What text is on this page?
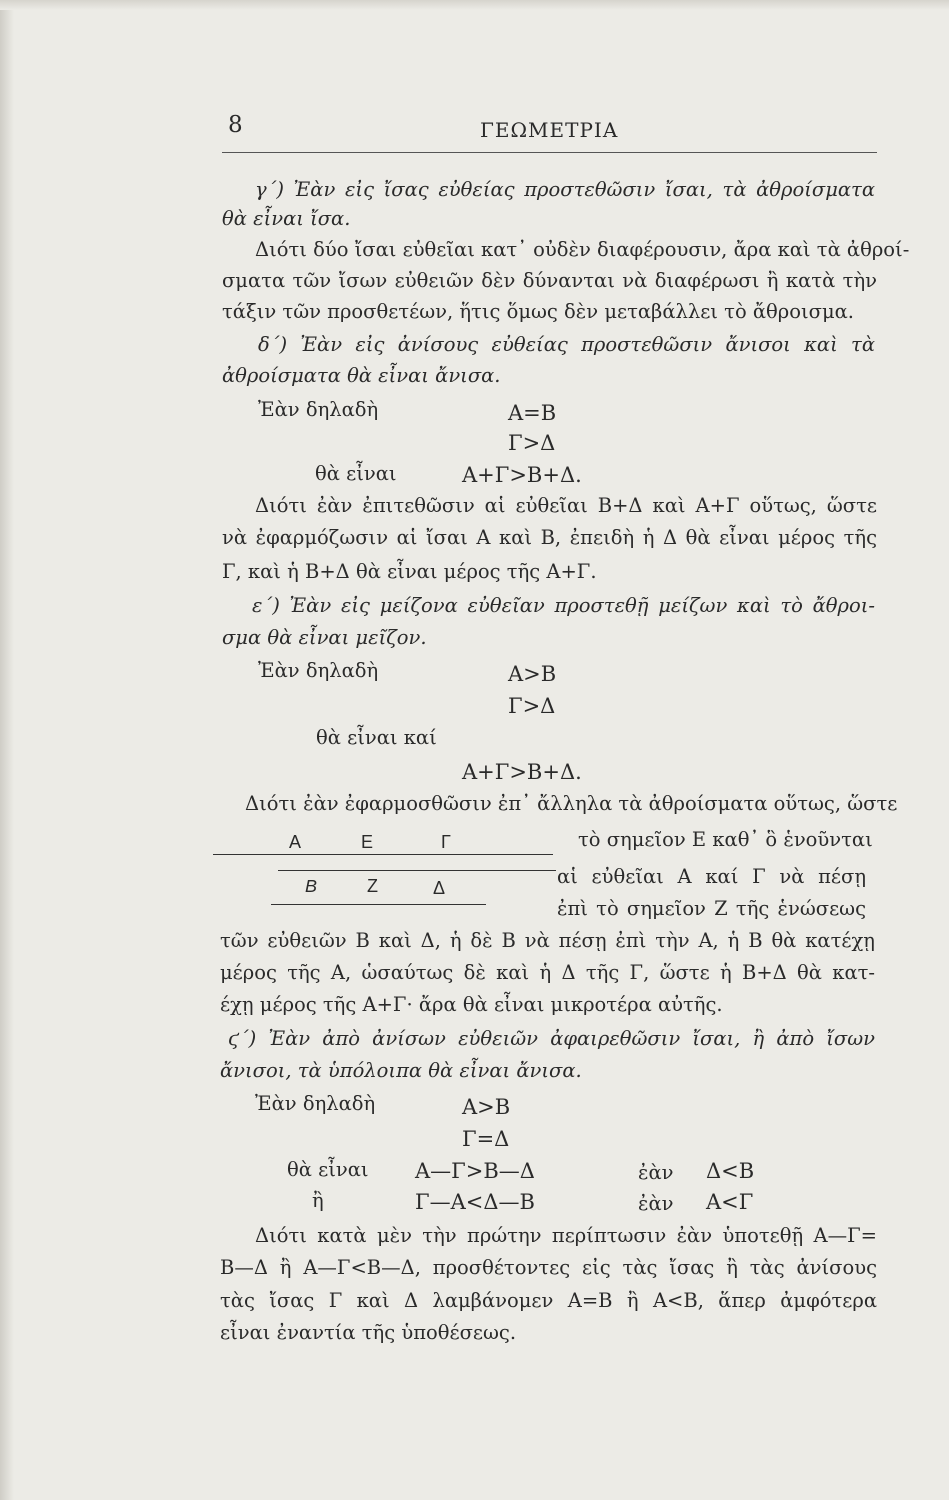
8	ΓΕΩΜΕΤΡΙΑ
γ΄) Ἐὰν εἰς ἴσας εὐθείας προστεθῶσιν ἴσαι, τὰ ἀθροίσματα
θὰ εἶναι ἴσα.
Διότι δύο ἴσαι εὐθεῖαι κατ᾽ οὐδὲν διαφέρουσιν, ἄρα καὶ τὰ ἀθροί-
σματα τῶν ἴσων εὐθειῶν δὲν δύνανται νὰ διαφέρωσι ἢ κατὰ τὴν
τάξιν τῶν προσθετέων, ἥτις ὅμως δὲν μεταβάλλει τὸ ἄθροισμα.
δ΄) Ἐὰν εἰς ἀνίσους εὐθείας προστεθῶσιν ἄνισοι καὶ τὰ
ἀθροίσματα θὰ εἶναι ἄνισα.
Ἐὰν δηλαδὴ	Α=Β
Γ>Δ
θὰ εἶναι	Α+Γ>Β+Δ.
Διότι ἐὰν ἐπιτεθῶσιν αἱ εὐθεῖαι Β+Δ καὶ Α+Γ οὕτως, ὥστε
νὰ ἐφαρμόζωσιν αἱ ἴσαι Α καὶ Β, ἐπειδὴ ἡ Δ θὰ εἶναι μέρος τῆς
Γ, καὶ ἡ Β+Δ θὰ εἶναι μέρος τῆς Α+Γ.
ε΄) Ἐὰν εἰς μείζονα εὐθεῖαν προστεθῇ μείζων καὶ τὸ ἄθροι-
σμα θὰ εἶναι μεῖζον.
Ἐὰν δηλαδὴ	Α>Β
Γ>Δ
θὰ εἶναι καί
Α+Γ>Β+Δ.
Διότι ἐὰν ἐφαρμοσθῶσιν ἐπ᾽ ἄλληλα τὰ ἀθροίσματα οὕτως, ὥστε
Α	Ε	Γ
Β	Ζ	Δ
τὸ σημεῖον Ε καθ᾽ ὃ ἑνοῦνται
αἱ εὐθεῖαι Α καί Γ νὰ πέσῃ
ἐπὶ τὸ σημεῖον Ζ τῆς ἑνώσεως
τῶν εὐθειῶν Β καὶ Δ, ἡ δὲ Β νὰ πέσῃ ἐπὶ τὴν Α, ἡ Β θὰ κατέχῃ
μέρος τῆς Α, ὡσαύτως δὲ καὶ ἡ Δ τῆς Γ, ὥστε ἡ Β+Δ θὰ κατ-
έχῃ μέρος τῆς Α+Γ· ἄρα θὰ εἶναι μικροτέρα αὐτῆς.
ϛ΄) Ἐὰν ἀπὸ ἀνίσων εὐθειῶν ἀφαιρεθῶσιν ἴσαι, ἢ ἀπὸ ἴσων
ἄνισοι, τὰ ὑπόλοιπα θὰ εἶναι ἄνισα.
Ἐὰν δηλαδὴ	Α>Β
Γ=Δ
θὰ εἶναι Α—Γ>Β—Δ	ἐὰν Δ<Β
ἢ	Γ—Α<Δ—Β	ἐὰν Α<Γ
Διότι κατὰ μὲν τὴν πρώτην περίπτωσιν ἐὰν ὑποτεθῇ Α—Γ=
Β—Δ ἢ Α—Γ<Β—Δ, προσθέτοντες εἰς τὰς ἴσας ἢ τὰς ἀνίσους
τὰς ἴσας Γ καὶ Δ λαμβάνομεν Α=Β ἢ Α<Β, ἅπερ ἀμφότερα
εἶναι ἐναντία τῆς ὑποθέσεως.
